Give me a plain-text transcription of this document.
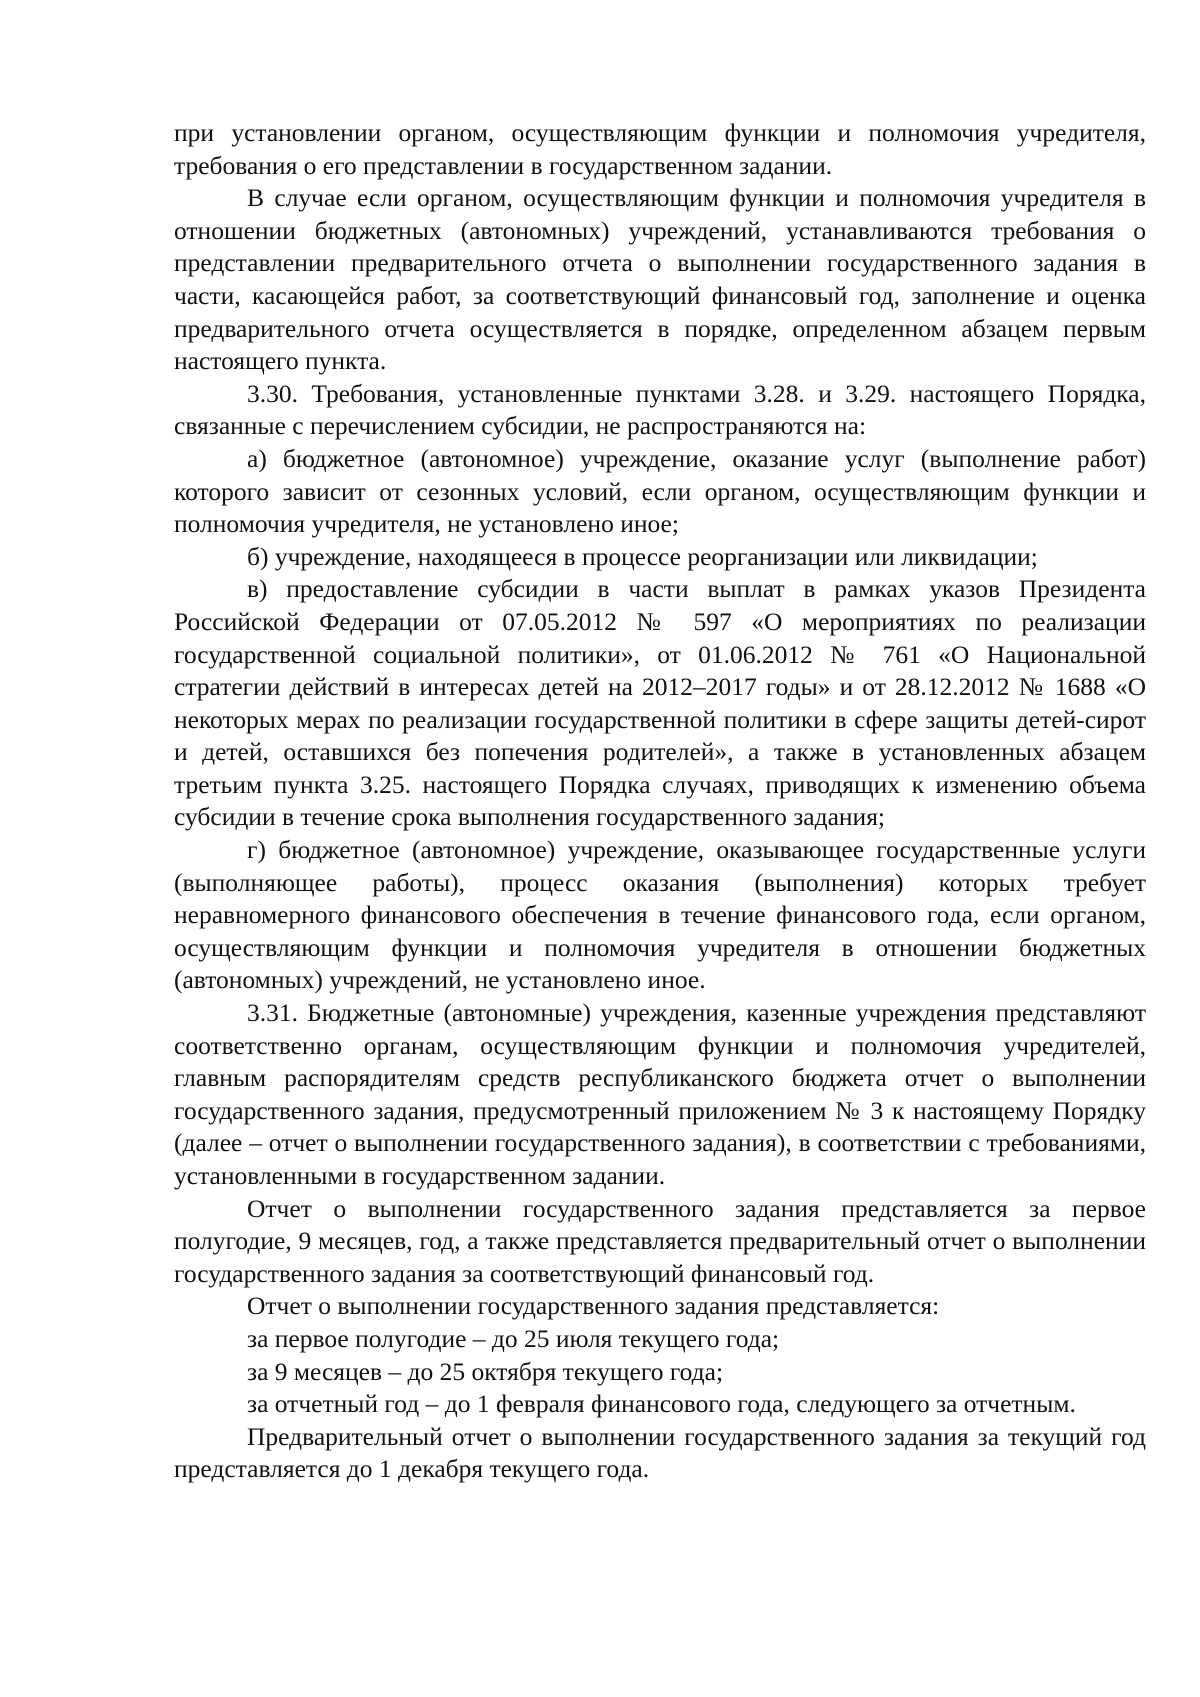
при установлении органом, осуществляющим функции и полномочия учредителя, требования о его представлении в государственном задании.

В случае если органом, осуществляющим функции и полномочия учредителя в отношении бюджетных (автономных) учреждений, устанавливаются требования о представлении предварительного отчета о выполнении государственного задания в части, касающейся работ, за соответствующий финансовый год, заполнение и оценка предварительного отчета осуществляется в порядке, определенном абзацем первым настоящего пункта.

3.30. Требования, установленные пунктами 3.28. и 3.29. настоящего Порядка, связанные с перечислением субсидии, не распространяются на:

а) бюджетное (автономное) учреждение, оказание услуг (выполнение работ) которого зависит от сезонных условий, если органом, осуществляющим функции и полномочия учредителя, не установлено иное;

б) учреждение, находящееся в процессе реорганизации или ликвидации;

в) предоставление субсидии в части выплат в рамках указов Президента Российской Федерации от 07.05.2012 № 597 «О мероприятиях по реализации государственной социальной политики», от 01.06.2012 № 761 «О Национальной стратегии действий в интересах детей на 2012–2017 годы» и от 28.12.2012 № 1688 «О некоторых мерах по реализации государственной политики в сфере защиты детей-сирот и детей, оставшихся без попечения родителей», а также в установленных абзацем третьим пункта 3.25. настоящего Порядка случаях, приводящих к изменению объема субсидии в течение срока выполнения государственного задания;

г) бюджетное (автономное) учреждение, оказывающее государственные услуги (выполняющее работы), процесс оказания (выполнения) которых требует неравномерного финансового обеспечения в течение финансового года, если органом, осуществляющим функции и полномочия учредителя в отношении бюджетных (автономных) учреждений, не установлено иное.

3.31. Бюджетные (автономные) учреждения, казенные учреждения представляют соответственно органам, осуществляющим функции и полномочия учредителей, главным распорядителям средств республиканского бюджета отчет о выполнении государственного задания, предусмотренный приложением № 3 к настоящему Порядку (далее – отчет о выполнении государственного задания), в соответствии с требованиями, установленными в государственном задании.

Отчет о выполнении государственного задания представляется за первое полугодие, 9 месяцев, год, а также представляется предварительный отчет о выполнении государственного задания за соответствующий финансовый год.

Отчет о выполнении государственного задания представляется:

за первое полугодие – до 25 июля текущего года;

за 9 месяцев – до 25 октября текущего года;

за отчетный год – до 1 февраля финансового года, следующего за отчетным.

Предварительный отчет о выполнении государственного задания за текущий год представляется до 1 декабря текущего года.
